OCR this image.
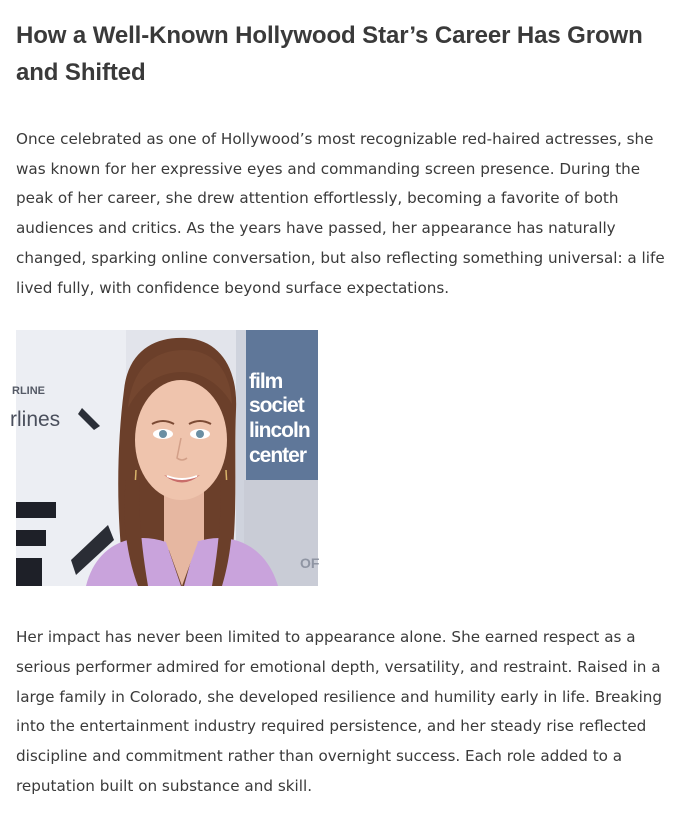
How a Well-Known Hollywood Star’s Career Has Grown and Shifted

Once celebrated as one of Hollywood’s most recognizable red-haired actresses, she was known for her expressive eyes and commanding screen presence. During the peak of her career, she drew attention effortlessly, becoming a favorite of both audiences and critics. As the years have passed, her appearance has naturally changed, sparking online conversation, but also reflecting something universal: a life lived fully, with confidence beyond surface expectations.

film
societ
lincoln
center
RLINE
rlines
OF

Her impact has never been limited to appearance alone. She earned respect as a serious performer admired for emotional depth, versatility, and restraint. Raised in a large family in Colorado, she developed resilience and humility early in life. Breaking into the entertainment industry required persistence, and her steady rise reflected discipline and commitment rather than overnight success. Each role added to a reputation built on substance and skill.
